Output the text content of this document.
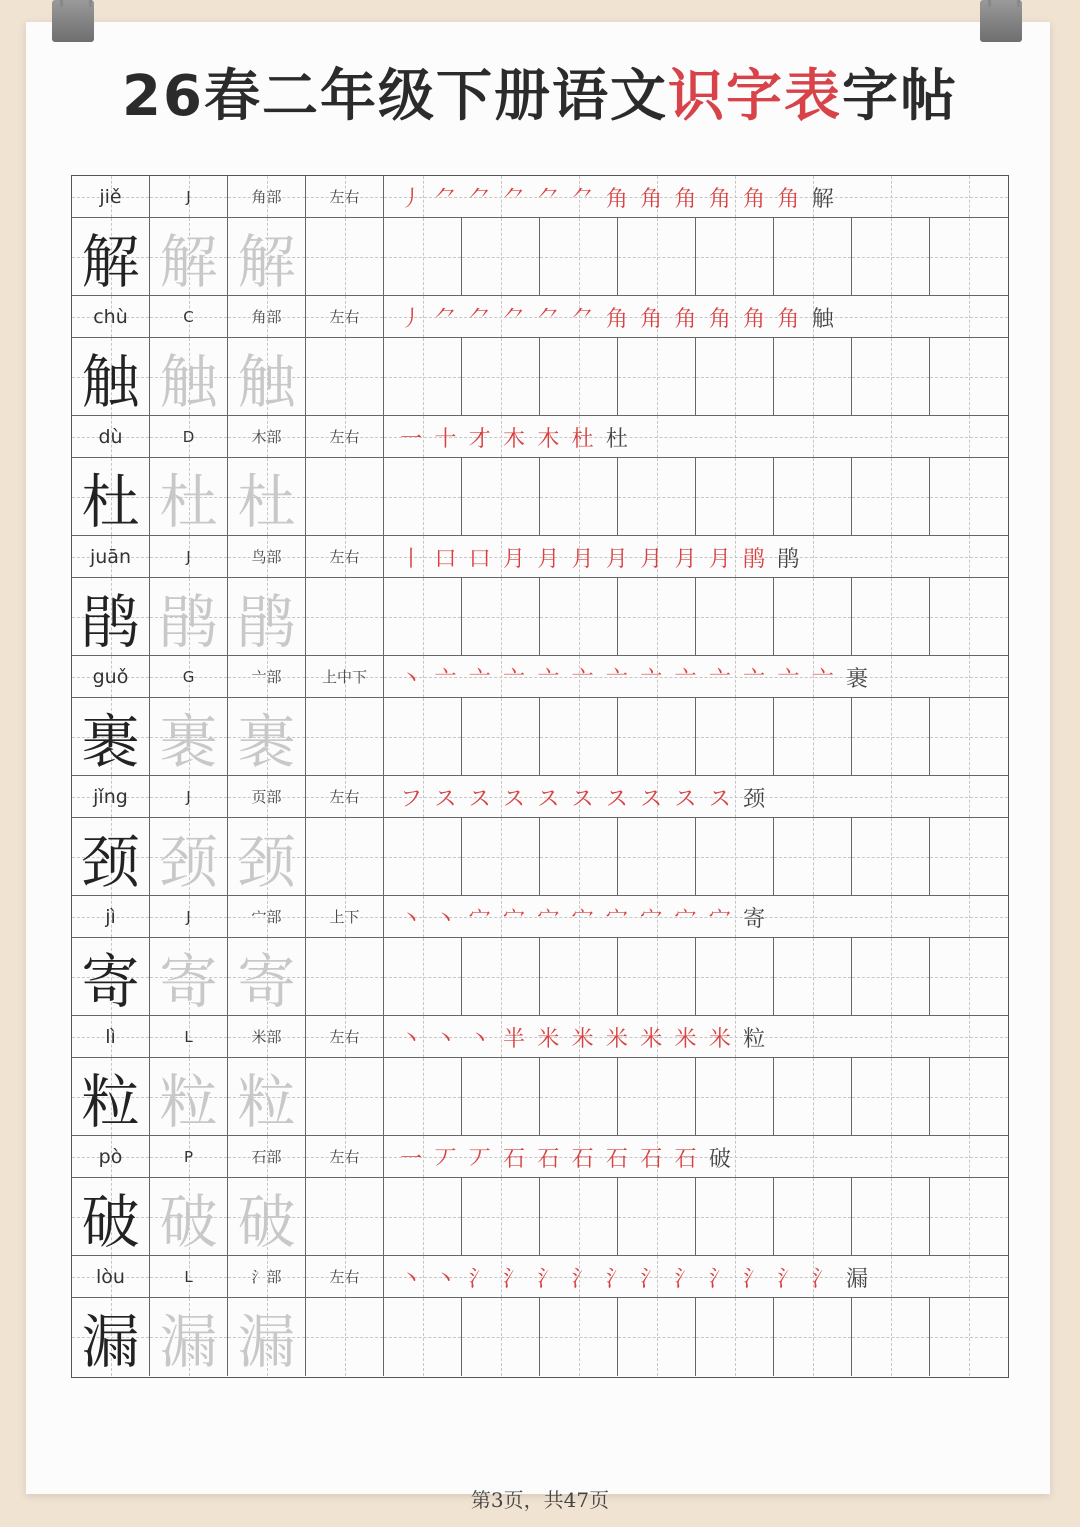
26春二年级下册语文识字表字帖
jiě	J	角部	左右	丿 ⺈ ⺈ ⺈ ⺈ ⺈ 角 角 角 角 角 角 解
解 解 解
chù	C	角部	左右	丿 ⺈ ⺈ ⺈ ⺈ ⺈ 角 角 角 角 角 角 触
触 触 触
dù	D	木部	左右	一 十 才 木 木 杜 杜
杜 杜 杜
juān	J	鸟部	左右	丨 口 口 月 月 月 月 月 月 月 鹃 鹃
鹃 鹃 鹃
guǒ	G	亠部	上中下	丶 亠 亠 亠 亠 亠 亠 亠 亠 亠 亠 亠 亠 裹
裹 裹 裹
jǐng	J	页部	左右	フ ス ス ス ス ス ス ス ス ス 颈
颈 颈 颈
jì	J	宀部	上下	丶 丶 宀 宀 宀 宀 宀 宀 宀 宀 寄
寄 寄 寄
lì	L	米部	左右	丶 丶 丶 半 米 米 米 米 米 米 粒
粒 粒 粒
pò	P	石部	左右	一 丆 丆 石 石 石 石 石 石 破
破 破 破
lòu	L	氵部	左右	丶 丶 氵 氵 氵 氵 氵 氵 氵 氵 氵 氵 氵 漏
漏 漏 漏
第3页，共47页
